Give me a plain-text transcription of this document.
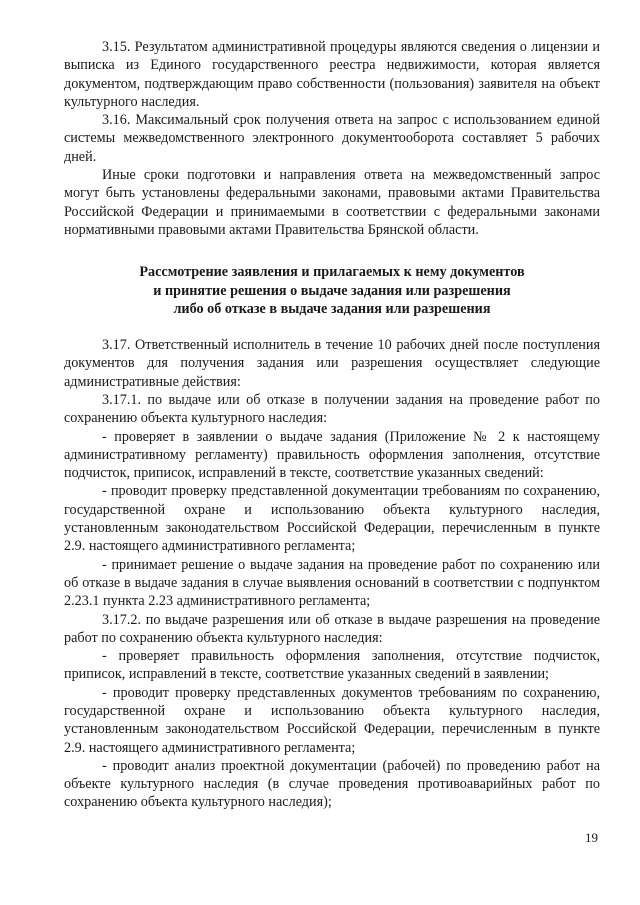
3.15. Результатом административной процедуры являются сведения о лицензии и выписка из Единого государственного реестра недвижимости, которая является документом, подтверждающим право собственности (пользования) заявителя на объект культурного наследия.

3.16. Максимальный срок получения ответа на запрос с использованием единой системы межведомственного электронного документооборота составляет 5 рабочих дней.

Иные сроки подготовки и направления ответа на межведомственный запрос могут быть установлены федеральными законами, правовыми актами Правительства Российской Федерации и принимаемыми в соответствии с федеральными законами нормативными правовыми актами Правительства Брянской области.

Рассмотрение заявления и прилагаемых к нему документов
и принятие решения о выдаче задания или разрешения
либо об отказе в выдаче задания или разрешения

3.17. Ответственный исполнитель в течение 10 рабочих дней после поступления документов для получения задания или разрешения осуществляет следующие административные действия:

3.17.1. по выдаче или об отказе в получении задания на проведение работ по сохранению объекта культурного наследия:

- проверяет в заявлении о выдаче задания (Приложение № 2 к настоящему административному регламенту) правильность оформления заполнения, отсутствие подчисток, приписок, исправлений в тексте, соответствие указанных сведений:

- проводит проверку представленной документации требованиям по сохранению, государственной охране и использованию объекта культурного наследия, установленным законодательством Российской Федерации, перечисленным в пункте 2.9. настоящего административного регламента;

- принимает решение о выдаче задания на проведение работ по сохранению или об отказе в выдаче задания в случае выявления оснований в соответствии с подпунктом 2.23.1 пункта 2.23 административного регламента;

3.17.2. по выдаче разрешения или об отказе в выдаче разрешения на проведение работ по сохранению объекта культурного наследия:

- проверяет правильность оформления заполнения, отсутствие подчисток, приписок, исправлений в тексте, соответствие указанных сведений в заявлении;

- проводит проверку представленных документов требованиям по сохранению, государственной охране и использованию объекта культурного наследия, установленным законодательством Российской Федерации, перечисленным в пункте 2.9. настоящего административного регламента;

- проводит анализ проектной документации (рабочей) по проведению работ на объекте культурного наследия (в случае проведения противоаварийных работ по сохранению объекта культурного наследия);

19
